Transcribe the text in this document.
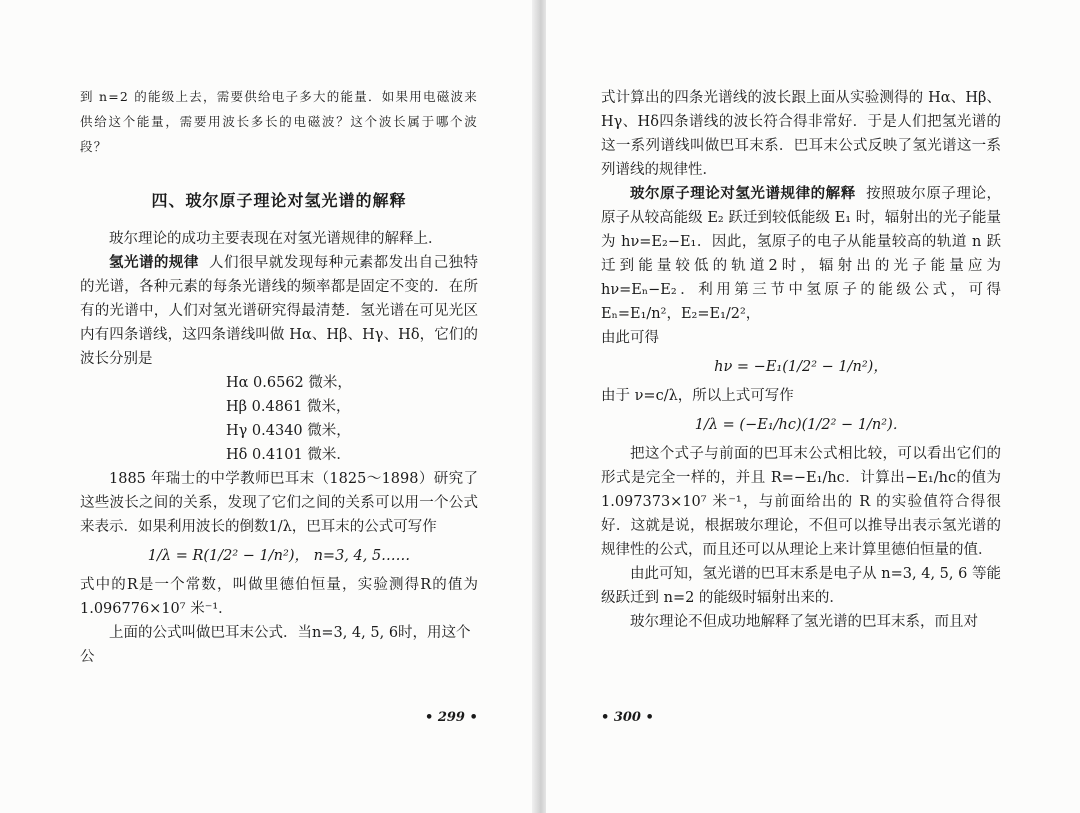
到 n=2 的能级上去，需要供给电子多大的能量．如果用电磁波来供给这个能量，需要用波长多长的电磁波？这个波长属于哪个波段？

四、玻尔原子理论对氢光谱的解释

玻尔理论的成功主要表现在对氢光谱规律的解释上．

氢光谱的规律 人们很早就发现每种元素都发出自己独特的光谱，各种元素的每条光谱线的频率都是固定不变的．在所有的光谱中，人们对氢光谱研究得最清楚．氢光谱在可见光区内有四条谱线，这四条谱线叫做 Hα、Hβ、Hγ、Hδ，它们的波长分别是

Hα 0.6562 微米，
Hβ 0.4861 微米，
Hγ 0.4340 微米，
Hδ 0.4101 微米．

1885 年瑞士的中学教师巴耳末（1825～1898）研究了这些波长之间的关系，发现了它们之间的关系可以用一个公式来表示．如果利用波长的倒数1/λ，巴耳末的公式可写作

1/λ = R(1/2² − 1/n²)， n=3, 4, 5……

式中的R是一个常数，叫做里德伯恒量，实验测得R的值为 1.096776×10⁷ 米⁻¹．

上面的公式叫做巴耳末公式．当n=3, 4, 5, 6时，用这个公

• 299 •

式计算出的四条光谱线的波长跟上面从实验测得的 Hα、Hβ、Hγ、Hδ四条谱线的波长符合得非常好．于是人们把氢光谱的这一系列谱线叫做巴耳末系．巴耳末公式反映了氢光谱这一系列谱线的规律性．

玻尔原子理论对氢光谱规律的解释 按照玻尔原子理论，原子从较高能级 E₂ 跃迁到较低能级 E₁ 时，辐射出的光子能量为 hν=E₂−E₁．因此，氢原子的电子从能量较高的轨道 n 跃迁到能量较低的轨道2时，辐射出的光子能量应为hν=Eₙ−E₂．利用第三节中氢原子的能级公式，可得 Eₙ=E₁/n²，E₂=E₁/2²，

由此可得

hν = −E₁(1/2² − 1/n²)，

由于 ν=c/λ，所以上式可写作

1/λ = (−E₁/hc)(1/2² − 1/n²)．

把这个式子与前面的巴耳末公式相比较，可以看出它们的形式是完全一样的，并且 R=−E₁/hc．计算出−E₁/hc的值为 1.097373×10⁷ 米⁻¹，与前面给出的 R 的实验值符合得很好．这就是说，根据玻尔理论，不但可以推导出表示氢光谱的规律性的公式，而且还可以从理论上来计算里德伯恒量的值．

由此可知，氢光谱的巴耳末系是电子从 n=3, 4, 5, 6 等能级跃迁到 n=2 的能级时辐射出来的．

玻尔理论不但成功地解释了氢光谱的巴耳末系，而且对

• 300 •
